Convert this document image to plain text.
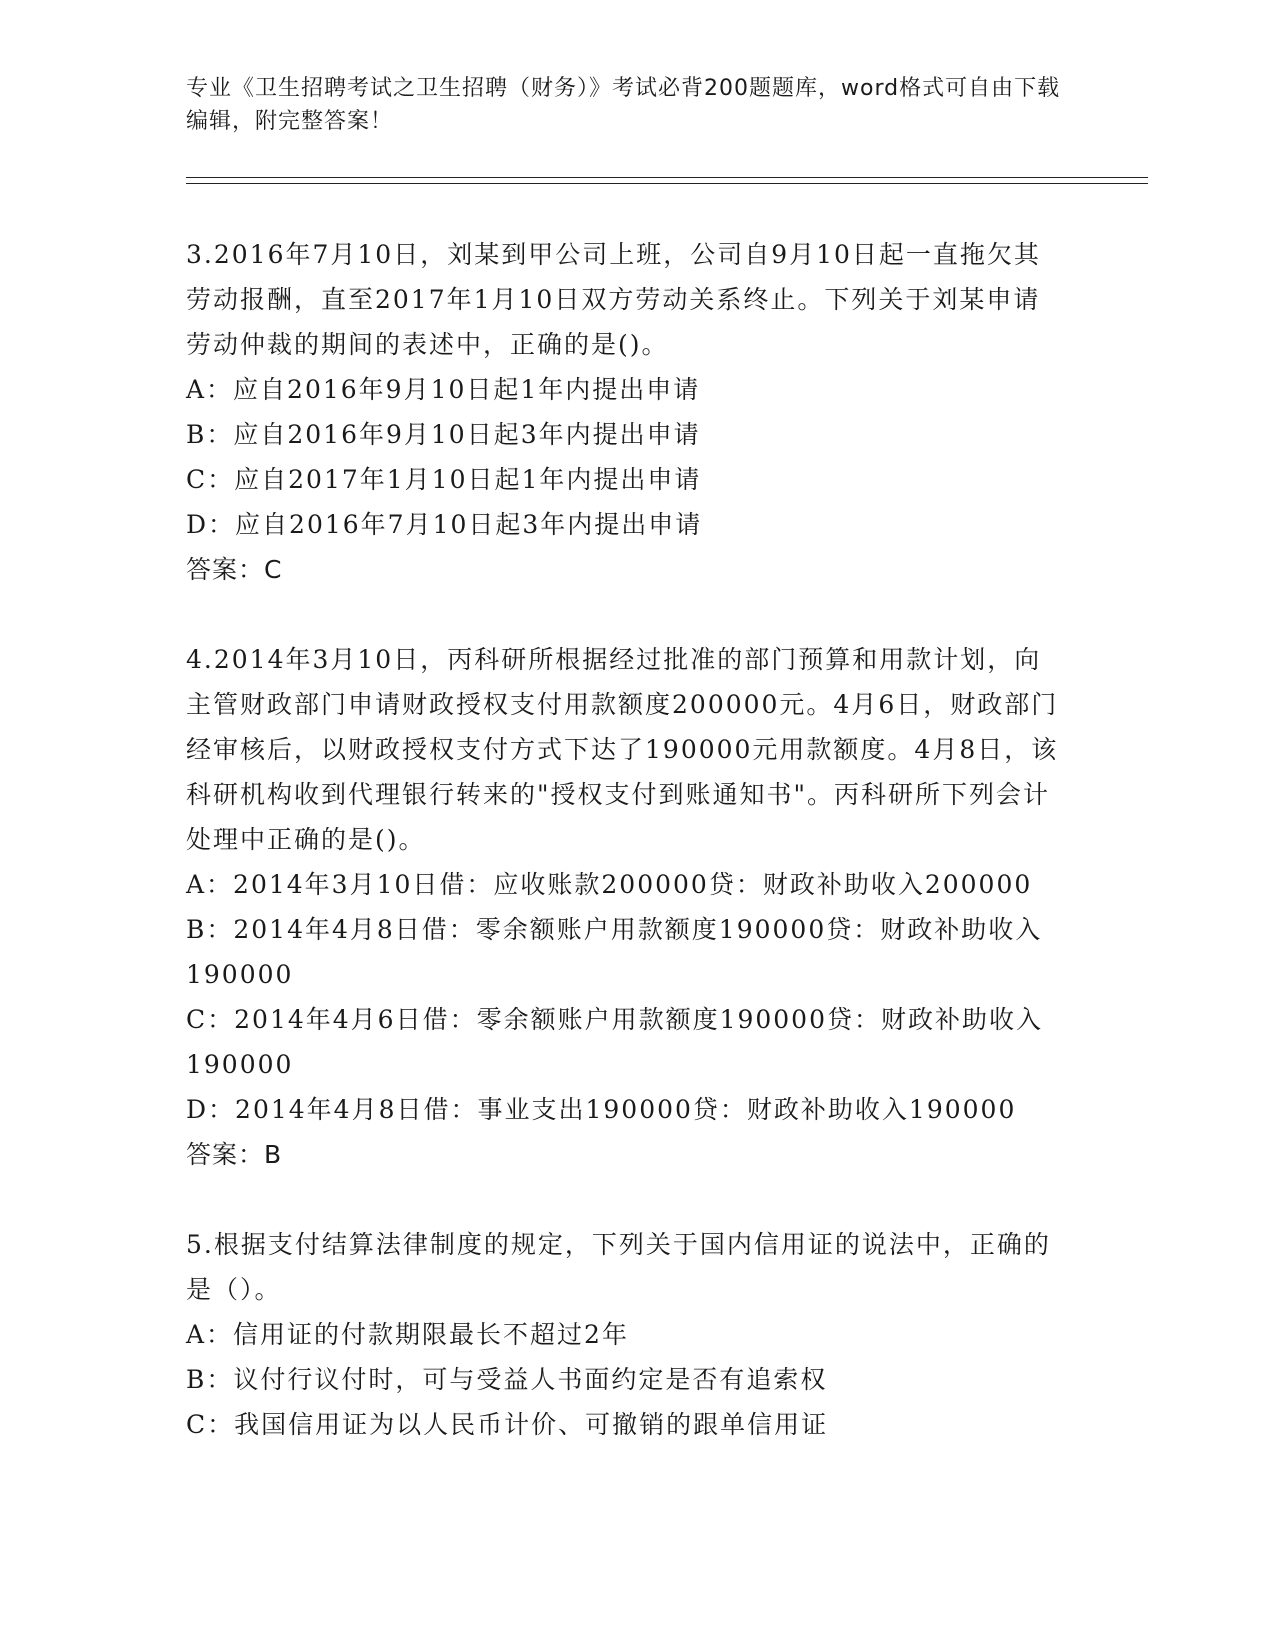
专业《卫生招聘考试之卫生招聘（财务）》考试必背200题题库，word格式可自由下载编辑，附完整答案！

3.2016年7月10日，刘某到甲公司上班，公司自9月10日起一直拖欠其劳动报酬，直至2017年1月10日双方劳动关系终止。下列关于刘某申请劳动仲裁的期间的表述中，正确的是()。

A：应自2016年9月10日起1年内提出申请

B：应自2016年9月10日起3年内提出申请

C：应自2017年1月10日起1年内提出申请

D：应自2016年7月10日起3年内提出申请

答案：C

4.2014年3月10日，丙科研所根据经过批准的部门预算和用款计划，向主管财政部门申请财政授权支付用款额度200000元。4月6日，财政部门经审核后，以财政授权支付方式下达了190000元用款额度。4月8日，该科研机构收到代理银行转来的"授权支付到账通知书"。丙科研所下列会计处理中正确的是()。

A：2014年3月10日借：应收账款200000贷：财政补助收入200000

B：2014年4月8日借：零余额账户用款额度190000贷：财政补助收入190000

C：2014年4月6日借：零余额账户用款额度190000贷：财政补助收入190000

D：2014年4月8日借：事业支出190000贷：财政补助收入190000

答案：B

5.根据支付结算法律制度的规定，下列关于国内信用证的说法中，正确的是（）。

A：信用证的付款期限最长不超过2年

B：议付行议付时，可与受益人书面约定是否有追索权

C：我国信用证为以人民币计价、可撤销的跟单信用证
